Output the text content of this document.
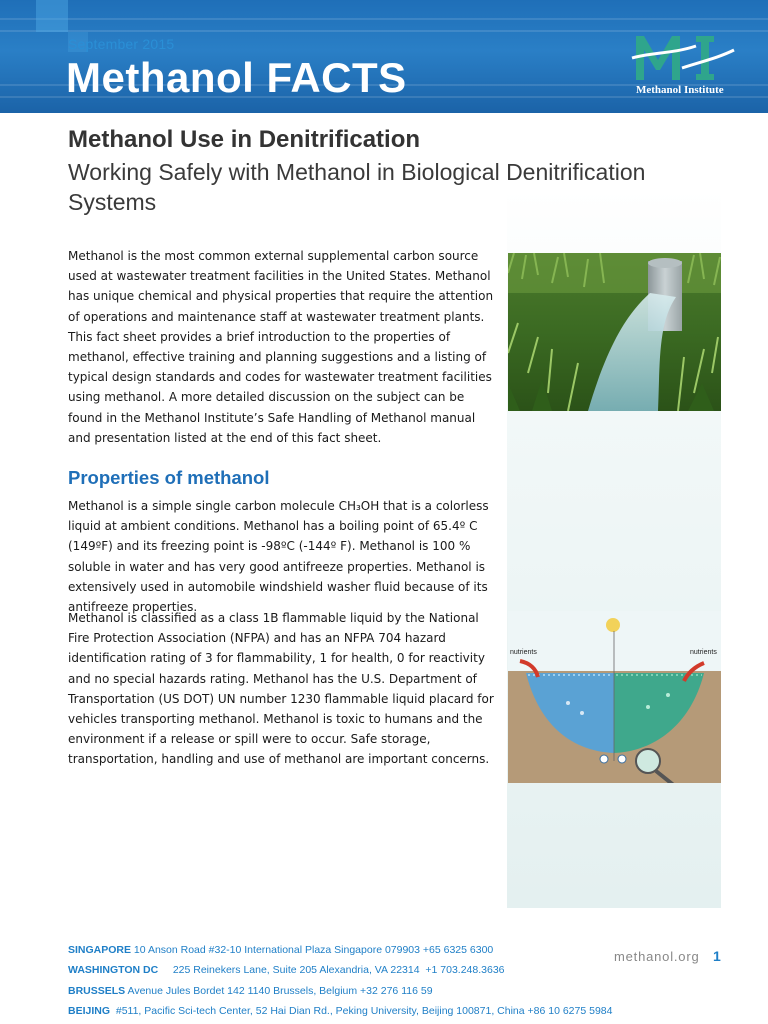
September 2015
Methanol FACTS	Methanol Institute
Methanol Use in Denitrification
Working Safely with Methanol in Biological Denitrification Systems
Methanol is the most common external supplemental carbon source used at wastewater treatment facilities in the United States. Methanol has unique chemical and physical properties that require the attention of operations and maintenance staff at wastewater treatment plants. This fact sheet provides a brief introduction to the properties of methanol, effective training and planning suggestions and a listing of typical design standards and codes for wastewater treatment facilities using methanol. A more detailed discussion on the subject can be found in the Methanol Institute’s Safe Handling of Methanol manual and presentation listed at the end of this fact sheet.
Properties of methanol
Methanol is a simple single carbon molecule CH₃OH that is a colorless liquid at ambient conditions. Methanol has a boiling point of 65.4º C (149ºF) and its freezing point is -98ºC (-144º F). Methanol is 100 % soluble in water and has very good antifreeze properties. Methanol is extensively used in automobile windshield washer fluid because of its antifreeze properties.
Methanol is classified as a class 1B flammable liquid by the National Fire Protection Association (NFPA) and has an NFPA 704 hazard identification rating of 3 for flammability, 1 for health, 0 for reactivity and no special hazards rating. Methanol has the U.S. Department of Transportation (US DOT) UN number 1230 flammable liquid placard for vehicles transporting methanol. Methanol is toxic to humans and the environment if a release or spill were to occur. Safe storage, transportation, handling and use of methanol are important concerns.
nutrients	nutrients
SINGAPORE 10 Anson Road #32-10 International Plaza Singapore 079903 +65 6325 6300
WASHINGTON DC     225 Reinekers Lane, Suite 205 Alexandria, VA 22314  +1 703.248.3636
BRUSSELS Avenue Jules Bordet 142 1140 Brussels, Belgium +32 276 116 59
BEIJING  #511, Pacific Sci-tech Center, 52 Hai Dian Rd., Peking University, Beijing 100871, China +86 10 6275 5984
methanol.org 1
